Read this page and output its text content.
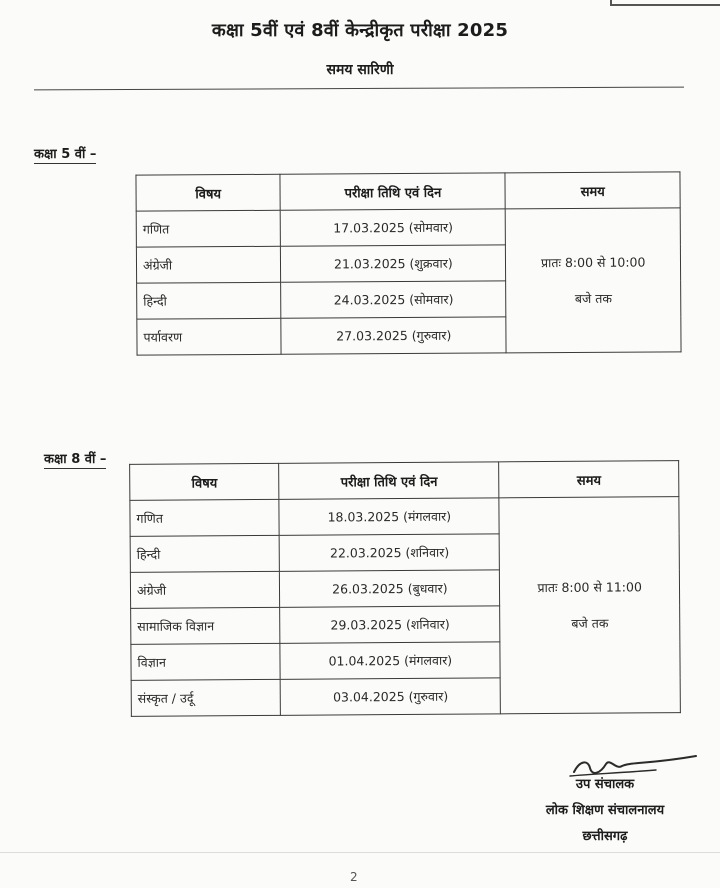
कक्षा 5वीं एवं 8वीं केन्द्रीकृत परीक्षा 2025
समय सारिणी
कक्षा 5 वीं –
विषय	परीक्षा तिथि एवं दिन	समय
गणित	17.03.2025 (सोमवार)	प्रातः 8:00 से 10:00
बजे तक

अंग्रेजी	21.03.2025 (शुक्रवार)	
हिन्दी	24.03.2025 (सोमवार)	
पर्यावरण	27.03.2025 (गुरुवार)	
कक्षा 8 वीं –
विषय	परीक्षा तिथि एवं दिन	समय
गणित	18.03.2025 (मंगलवार)	प्रातः 8:00 से 11:00
बजे तक

हिन्दी	22.03.2025 (शनिवार)	
अंग्रेजी	26.03.2025 (बुधवार)	
सामाजिक विज्ञान	29.03.2025 (शनिवार)	
विज्ञान	01.04.2025 (मंगलवार)	
संस्कृत / उर्दू	03.04.2025 (गुरुवार)	
उप संचालक
लोक शिक्षण संचालनालय
छत्तीसगढ़
2
